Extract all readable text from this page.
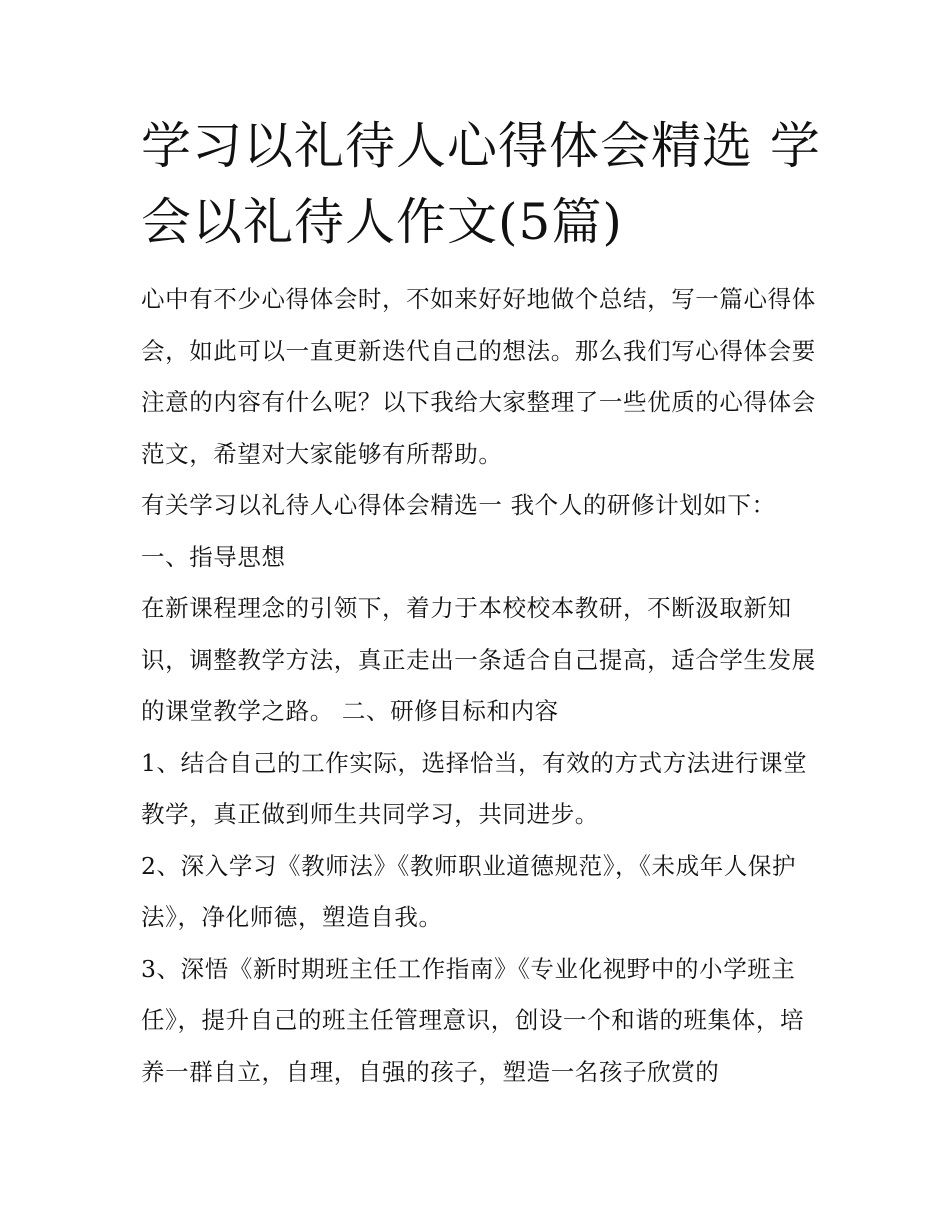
学习以礼待人心得体会精选 学会以礼待人作文(5篇)

心中有不少心得体会时，不如来好好地做个总结，写一篇心得体会，如此可以一直更新迭代自己的想法。那么我们写心得体会要注意的内容有什么呢？以下我给大家整理了一些优质的心得体会范文，希望对大家能够有所帮助。

有关学习以礼待人心得体会精选一 我个人的研修计划如下：

一、指导思想

在新课程理念的引领下，着力于本校校本教研，不断汲取新知识，调整教学方法，真正走出一条适合自己提高，适合学生发展的课堂教学之路。 二、研修目标和内容

1、结合自己的工作实际，选择恰当，有效的方式方法进行课堂教学，真正做到师生共同学习，共同进步。

2、深入学习《教师法》《教师职业道德规范》，《未成年人保护法》，净化师德，塑造自我。

3、深悟《新时期班主任工作指南》《专业化视野中的小学班主任》，提升自己的班主任管理意识，创设一个和谐的班集体，培养一群自立，自理，自强的孩子，塑造一名孩子欣赏的
